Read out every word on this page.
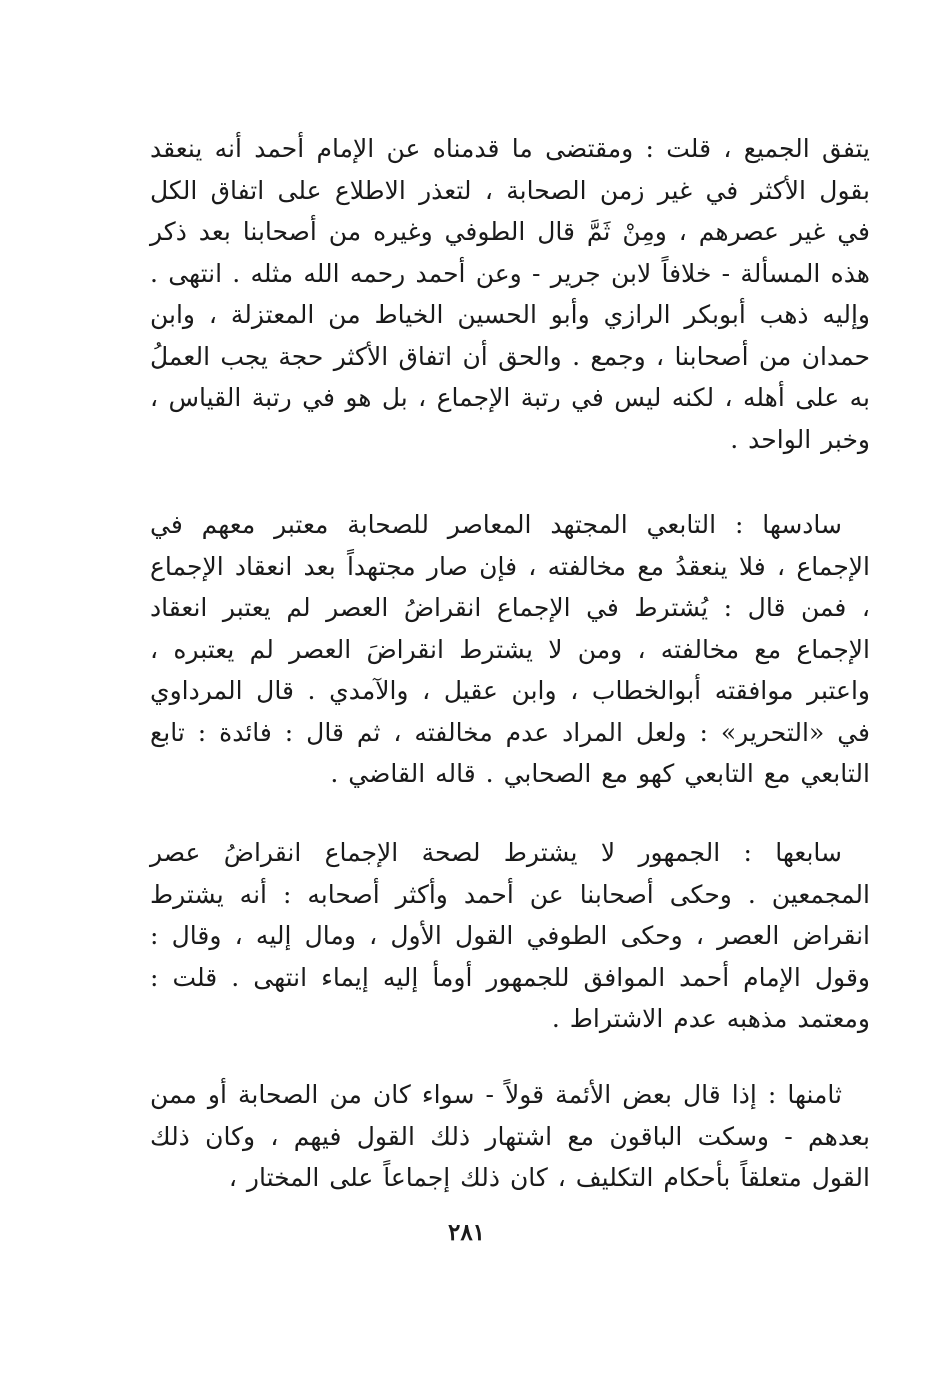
يتفق الجميع ، قلت : ومقتضى ما قدمناه عن الإمام أحمد أنه ينعقد بقول الأكثر في غير زمن الصحابة ، لتعذر الاطلاع على اتفاق الكل في غير عصرهم ، ومِنْ ثَمَّ قال الطوفي وغيره من أصحابنا بعد ذكر هذه المسألة - خلافاً لابن جرير - وعن أحمد رحمه الله مثله . انتهى . وإليه ذهب أبوبكر الرازي وأبو الحسين الخياط من المعتزلة ، وابن حمدان من أصحابنا ، وجمع . والحق أن اتفاق الأكثر حجة يجب العملُ به على أهله ، لكنه ليس في رتبة الإجماع ، بل هو في رتبة القياس ، وخبر الواحد .

سادسها : التابعي المجتهد المعاصر للصحابة معتبر معهم في الإجماع ، فلا ينعقدُ مع مخالفته ، فإن صار مجتهداً بعد انعقاد الإجماع ، فمن قال : يُشترط في الإجماع انقراضُ العصر لم يعتبر انعقاد الإجماع مع مخالفته ، ومن لا يشترط انقراضَ العصر لم يعتبره ، واعتبر موافقته أبوالخطاب ، وابن عقيل ، والآمدي . قال المرداوي في «التحرير» : ولعل المراد عدم مخالفته ، ثم قال : فائدة : تابع التابعي مع التابعي كهو مع الصحابي . قاله القاضي .

سابعها : الجمهور لا يشترط لصحة الإجماع انقراضُ عصر المجمعين . وحكى أصحابنا عن أحمد وأكثر أصحابه : أنه يشترط انقراض العصر ، وحكى الطوفي القول الأول ، ومال إليه ، وقال : وقول الإمام أحمد الموافق للجمهور أومأ إليه إيماء انتهى . قلت : ومعتمد مذهبه عدم الاشتراط .

ثامنها : إذا قال بعض الأئمة قولاً - سواء كان من الصحابة أو ممن بعدهم - وسكت الباقون مع اشتهار ذلك القول فيهم ، وكان ذلك القول متعلقاً بأحكام التكليف ، كان ذلك إجماعاً على المختار ،

٢٨١
